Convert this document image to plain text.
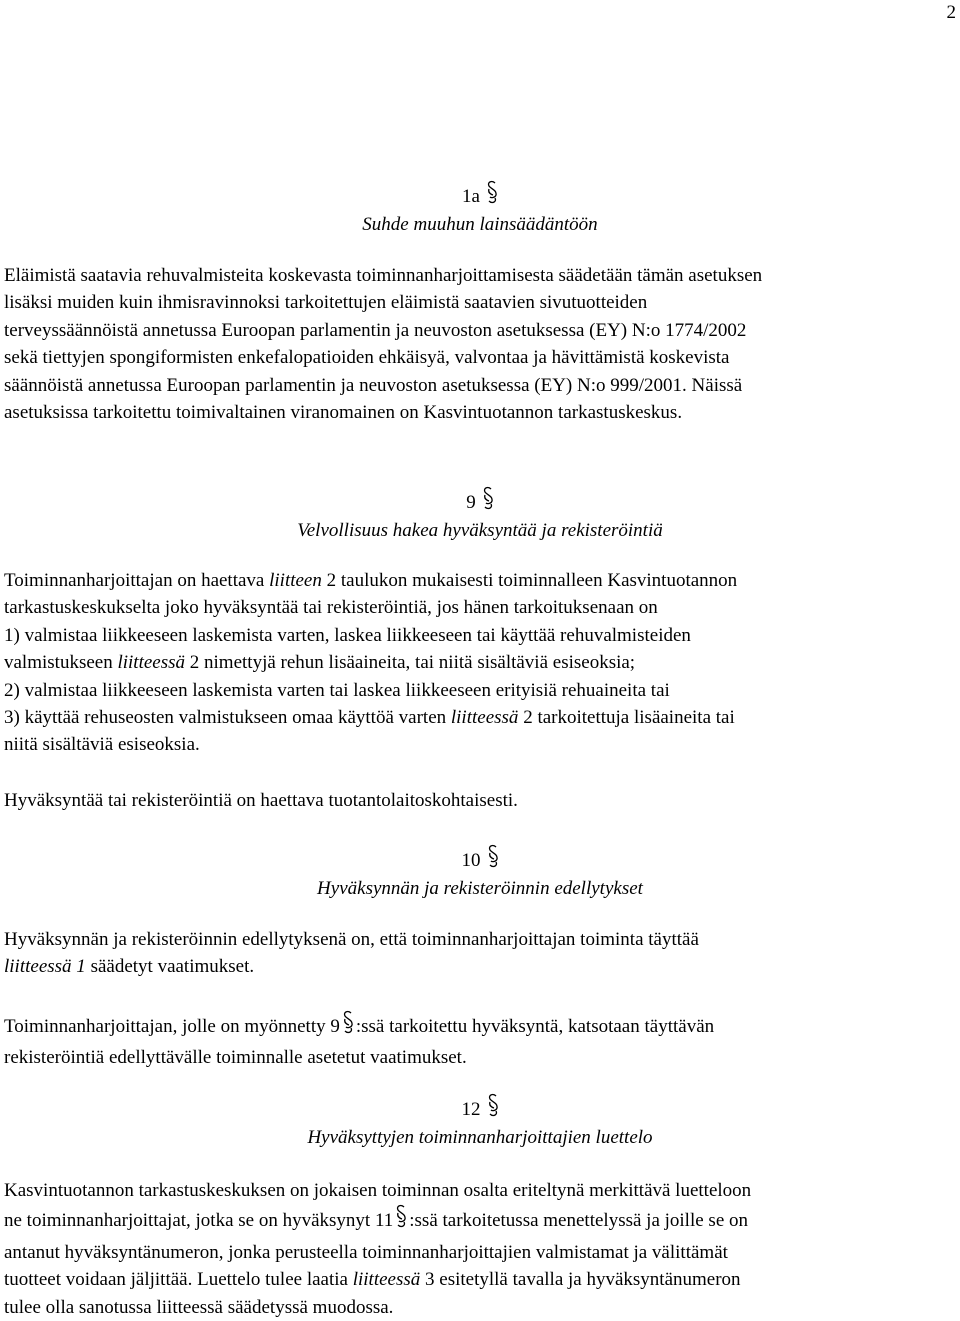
2
1a
Suhde muuhun lainsäädäntöön

Eläimistä saatavia rehuvalmisteita koskevasta toiminnanharjoittamisesta säädetään tämän asetuksen
lisäksi muiden kuin ihmisravinnoksi tarkoitettujen eläimistä saatavien sivutuotteiden
terveyssäännöistä annetussa Euroopan parlamentin ja neuvoston asetuksessa (EY) N:o 1774/2002
sekä tiettyjen spongiformisten enkefalopatioiden ehkäisyä, valvontaa ja hävittämistä koskevista
säännöistä annetussa Euroopan parlamentin ja neuvoston asetuksessa (EY) N:o 999/2001. Näissä
asetuksissa tarkoitettu toimivaltainen viranomainen on Kasvintuotannon tarkastuskeskus.

9
Velvollisuus hakea hyväksyntää ja rekisteröintiä

Toiminnanharjoittajan on haettava liitteen 2 taulukon mukaisesti toiminnalleen Kasvintuotannon
tarkastuskeskukselta joko hyväksyntää tai rekisteröintiä, jos hänen tarkoituksenaan on
1) valmistaa liikkeeseen laskemista varten, laskea liikkeeseen tai käyttää rehuvalmisteiden
valmistukseen liitteessä 2 nimettyjä rehun lisäaineita, tai niitä sisältäviä esiseoksia;
2) valmistaa liikkeeseen laskemista varten tai laskea liikkeeseen erityisiä rehuaineita tai
3) käyttää rehuseosten valmistukseen omaa käyttöä varten liitteessä 2 tarkoitettuja lisäaineita tai
niitä sisältäviä esiseoksia.

Hyväksyntää tai rekisteröintiä on haettava tuotantolaitoskohtaisesti.

10
Hyväksynnän ja rekisteröinnin edellytykset

Hyväksynnän ja rekisteröinnin edellytyksenä on, että toiminnanharjoittajan toiminta täyttää
liitteessä 1 säädetyt vaatimukset.

Toiminnanharjoittajan, jolle on myönnetty 9 :ssä tarkoitettu hyväksyntä, katsotaan täyttävän
rekisteröintiä edellyttävälle toiminnalle asetetut vaatimukset.

12
Hyväksyttyjen toiminnanharjoittajien luettelo

Kasvintuotannon tarkastuskeskuksen on jokaisen toiminnan osalta eriteltynä merkittävä luetteloon
ne toiminnanharjoittajat, jotka se on hyväksynyt 11 :ssä tarkoitetussa menettelyssä ja joille se on
antanut hyväksyntänumeron, jonka perusteella toiminnanharjoittajien valmistamat ja välittämät
tuotteet voidaan jäljittää. Luettelo tulee laatia liitteessä 3 esitetyllä tavalla ja hyväksyntänumeron
tulee olla sanotussa liitteessä säädetyssä muodossa.
